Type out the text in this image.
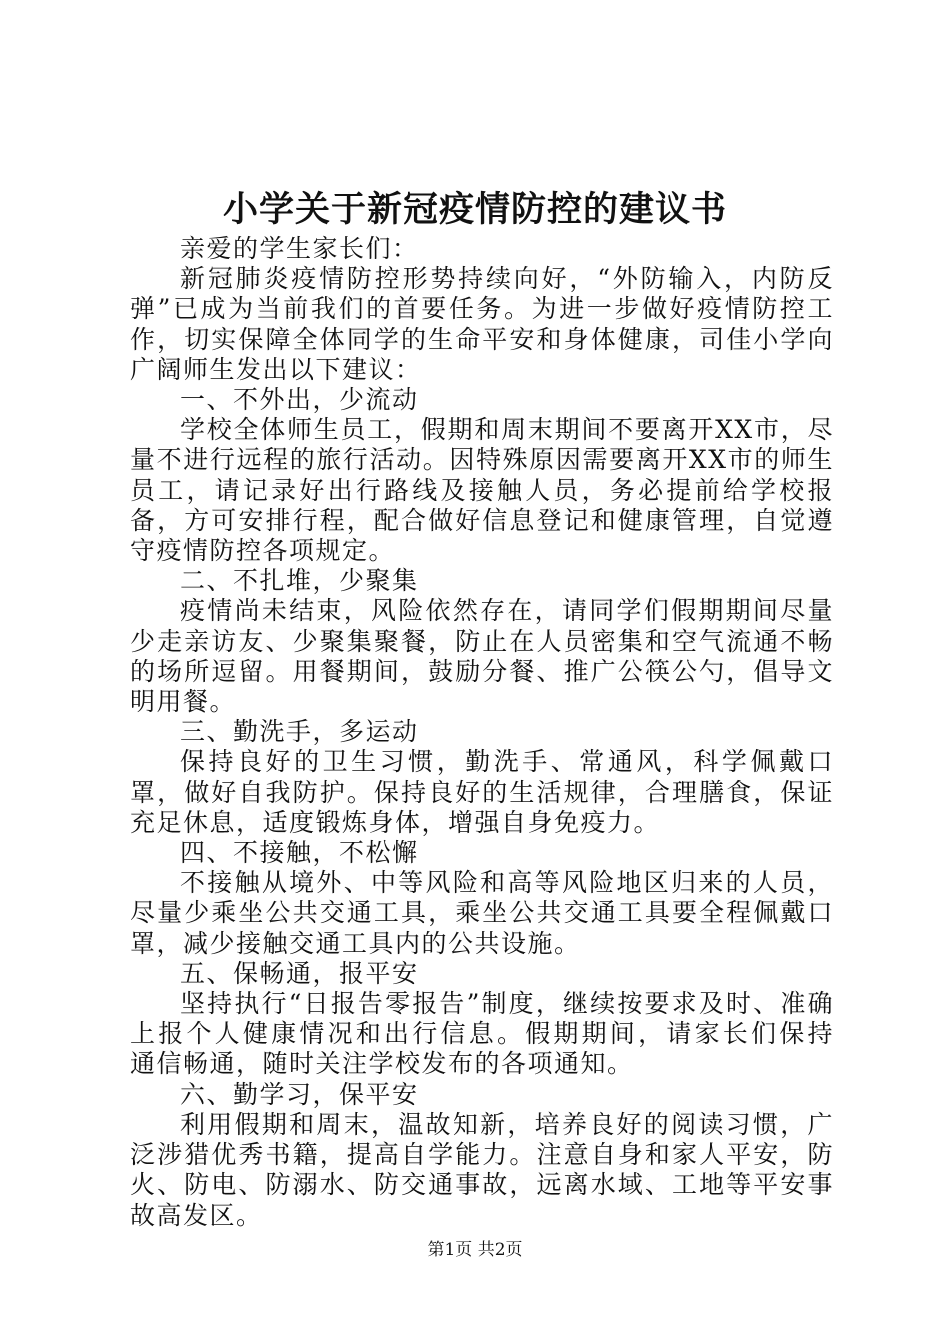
小学关于新冠疫情防控的建议书

亲爱的学生家长们：

新冠肺炎疫情防控形势持续向好，“外防输入，内防反弹”已成为当前我们的首要任务。为进一步做好疫情防控工作，切实保障全体同学的生命平安和身体健康，司佳小学向广阔师生发出以下建议：

一、不外出，少流动

学校全体师生员工，假期和周末期间不要离开XX市，尽量不进行远程的旅行活动。因特殊原因需要离开XX市的师生员工，请记录好出行路线及接触人员，务必提前给学校报备，方可安排行程，配合做好信息登记和健康管理，自觉遵守疫情防控各项规定。

二、不扎堆，少聚集

疫情尚未结束，风险依然存在，请同学们假期期间尽量少走亲访友、少聚集聚餐，防止在人员密集和空气流通不畅的场所逗留。用餐期间，鼓励分餐、推广公筷公勺，倡导文明用餐。

三、勤洗手，多运动

保持良好的卫生习惯，勤洗手、常通风，科学佩戴口罩，做好自我防护。保持良好的生活规律，合理膳食，保证充足休息，适度锻炼身体，增强自身免疫力。

四、不接触，不松懈

不接触从境外、中等风险和高等风险地区归来的人员，尽量少乘坐公共交通工具，乘坐公共交通工具要全程佩戴口罩，减少接触交通工具内的公共设施。

五、保畅通，报平安

坚持执行“日报告零报告”制度，继续按要求及时、准确上报个人健康情况和出行信息。假期期间，请家长们保持　通信畅通，随时关注学校发布的各项通知。

六、勤学习，保平安

利用假期和周末，温故知新，培养良好的阅读习惯，广泛涉猎优秀书籍，提高自学能力。注意自身和家人平安，防火、防电、防溺水、防交通事故，远离水域、工地等平安事故高发区。

第1页 共2页
